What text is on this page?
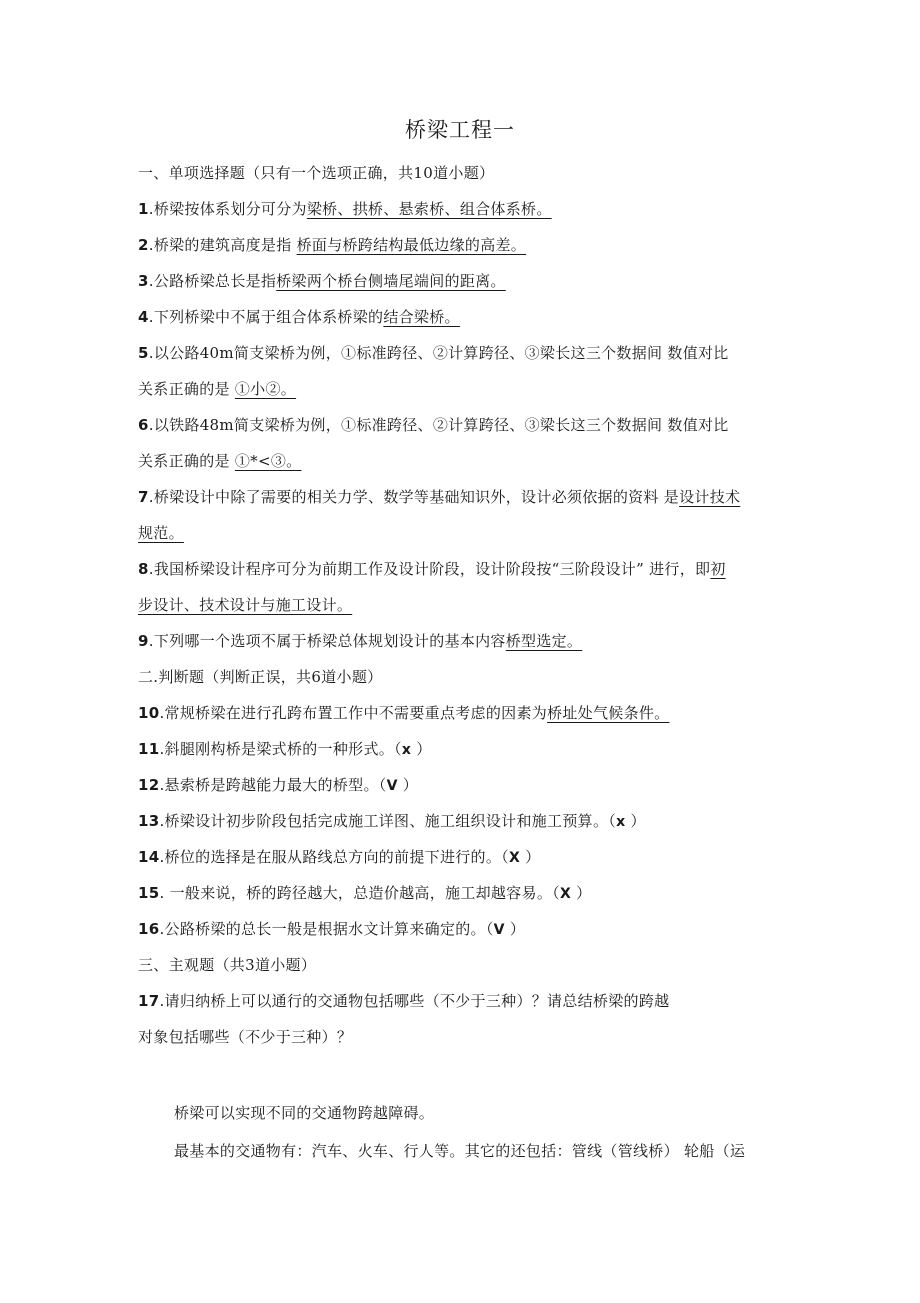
桥梁工程一
一、单项选择题（只有一个选项正确，共10道小题）
1.桥梁按体系划分可分为梁桥、拱桥、悬索桥、组合体系桥。
2.桥梁的建筑高度是指 桥面与桥跨结构最低边缘的高差。
3.公路桥梁总长是指桥梁两个桥台侧墙尾端间的距离。
4.下列桥梁中不属于组合体系桥梁的结合梁桥。
5.以公路40m简支梁桥为例，①标准跨径、②计算跨径、③梁长这三个数据间 数值对比
关系正确的是 ①小②。
6.以铁路48m简支梁桥为例，①标准跨径、②计算跨径、③梁长这三个数据间 数值对比
关系正确的是 ①*<③。
7.桥梁设计中除了需要的相关力学、数学等基础知识外，设计必须依据的资料 是设计技术
规范。
8.我国桥梁设计程序可分为前期工作及设计阶段，设计阶段按“三阶段设计” 进行，即初
步设计、技术设计与施工设计。
9.下列哪一个选项不属于桥梁总体规划设计的基本内容桥型选定。
二.判断题（判断正误，共6道小题）
10.常规桥梁在进行孔跨布置工作中不需要重点考虑的因素为桥址处气候条件。
11.斜腿刚构桥是梁式桥的一种形式。（x ）
12.悬索桥是跨越能力最大的桥型。（V ）
13.桥梁设计初步阶段包括完成施工详图、施工组织设计和施工预算。（x ）
14.桥位的选择是在服从路线总方向的前提下进行的。（X ）
15. 一般来说，桥的跨径越大，总造价越高，施工却越容易。（X ）
16.公路桥梁的总长一般是根据水文计算来确定的。（V ）
三、主观题（共3道小题）
17.请归纳桥上可以通行的交通物包括哪些（不少于三种）？请总结桥梁的跨越
对象包括哪些（不少于三种）？
桥梁可以实现不同的交通物跨越障碍。
最基本的交通物有：汽车、火车、行人等。其它的还包括：管线（管线桥） 轮船（运
